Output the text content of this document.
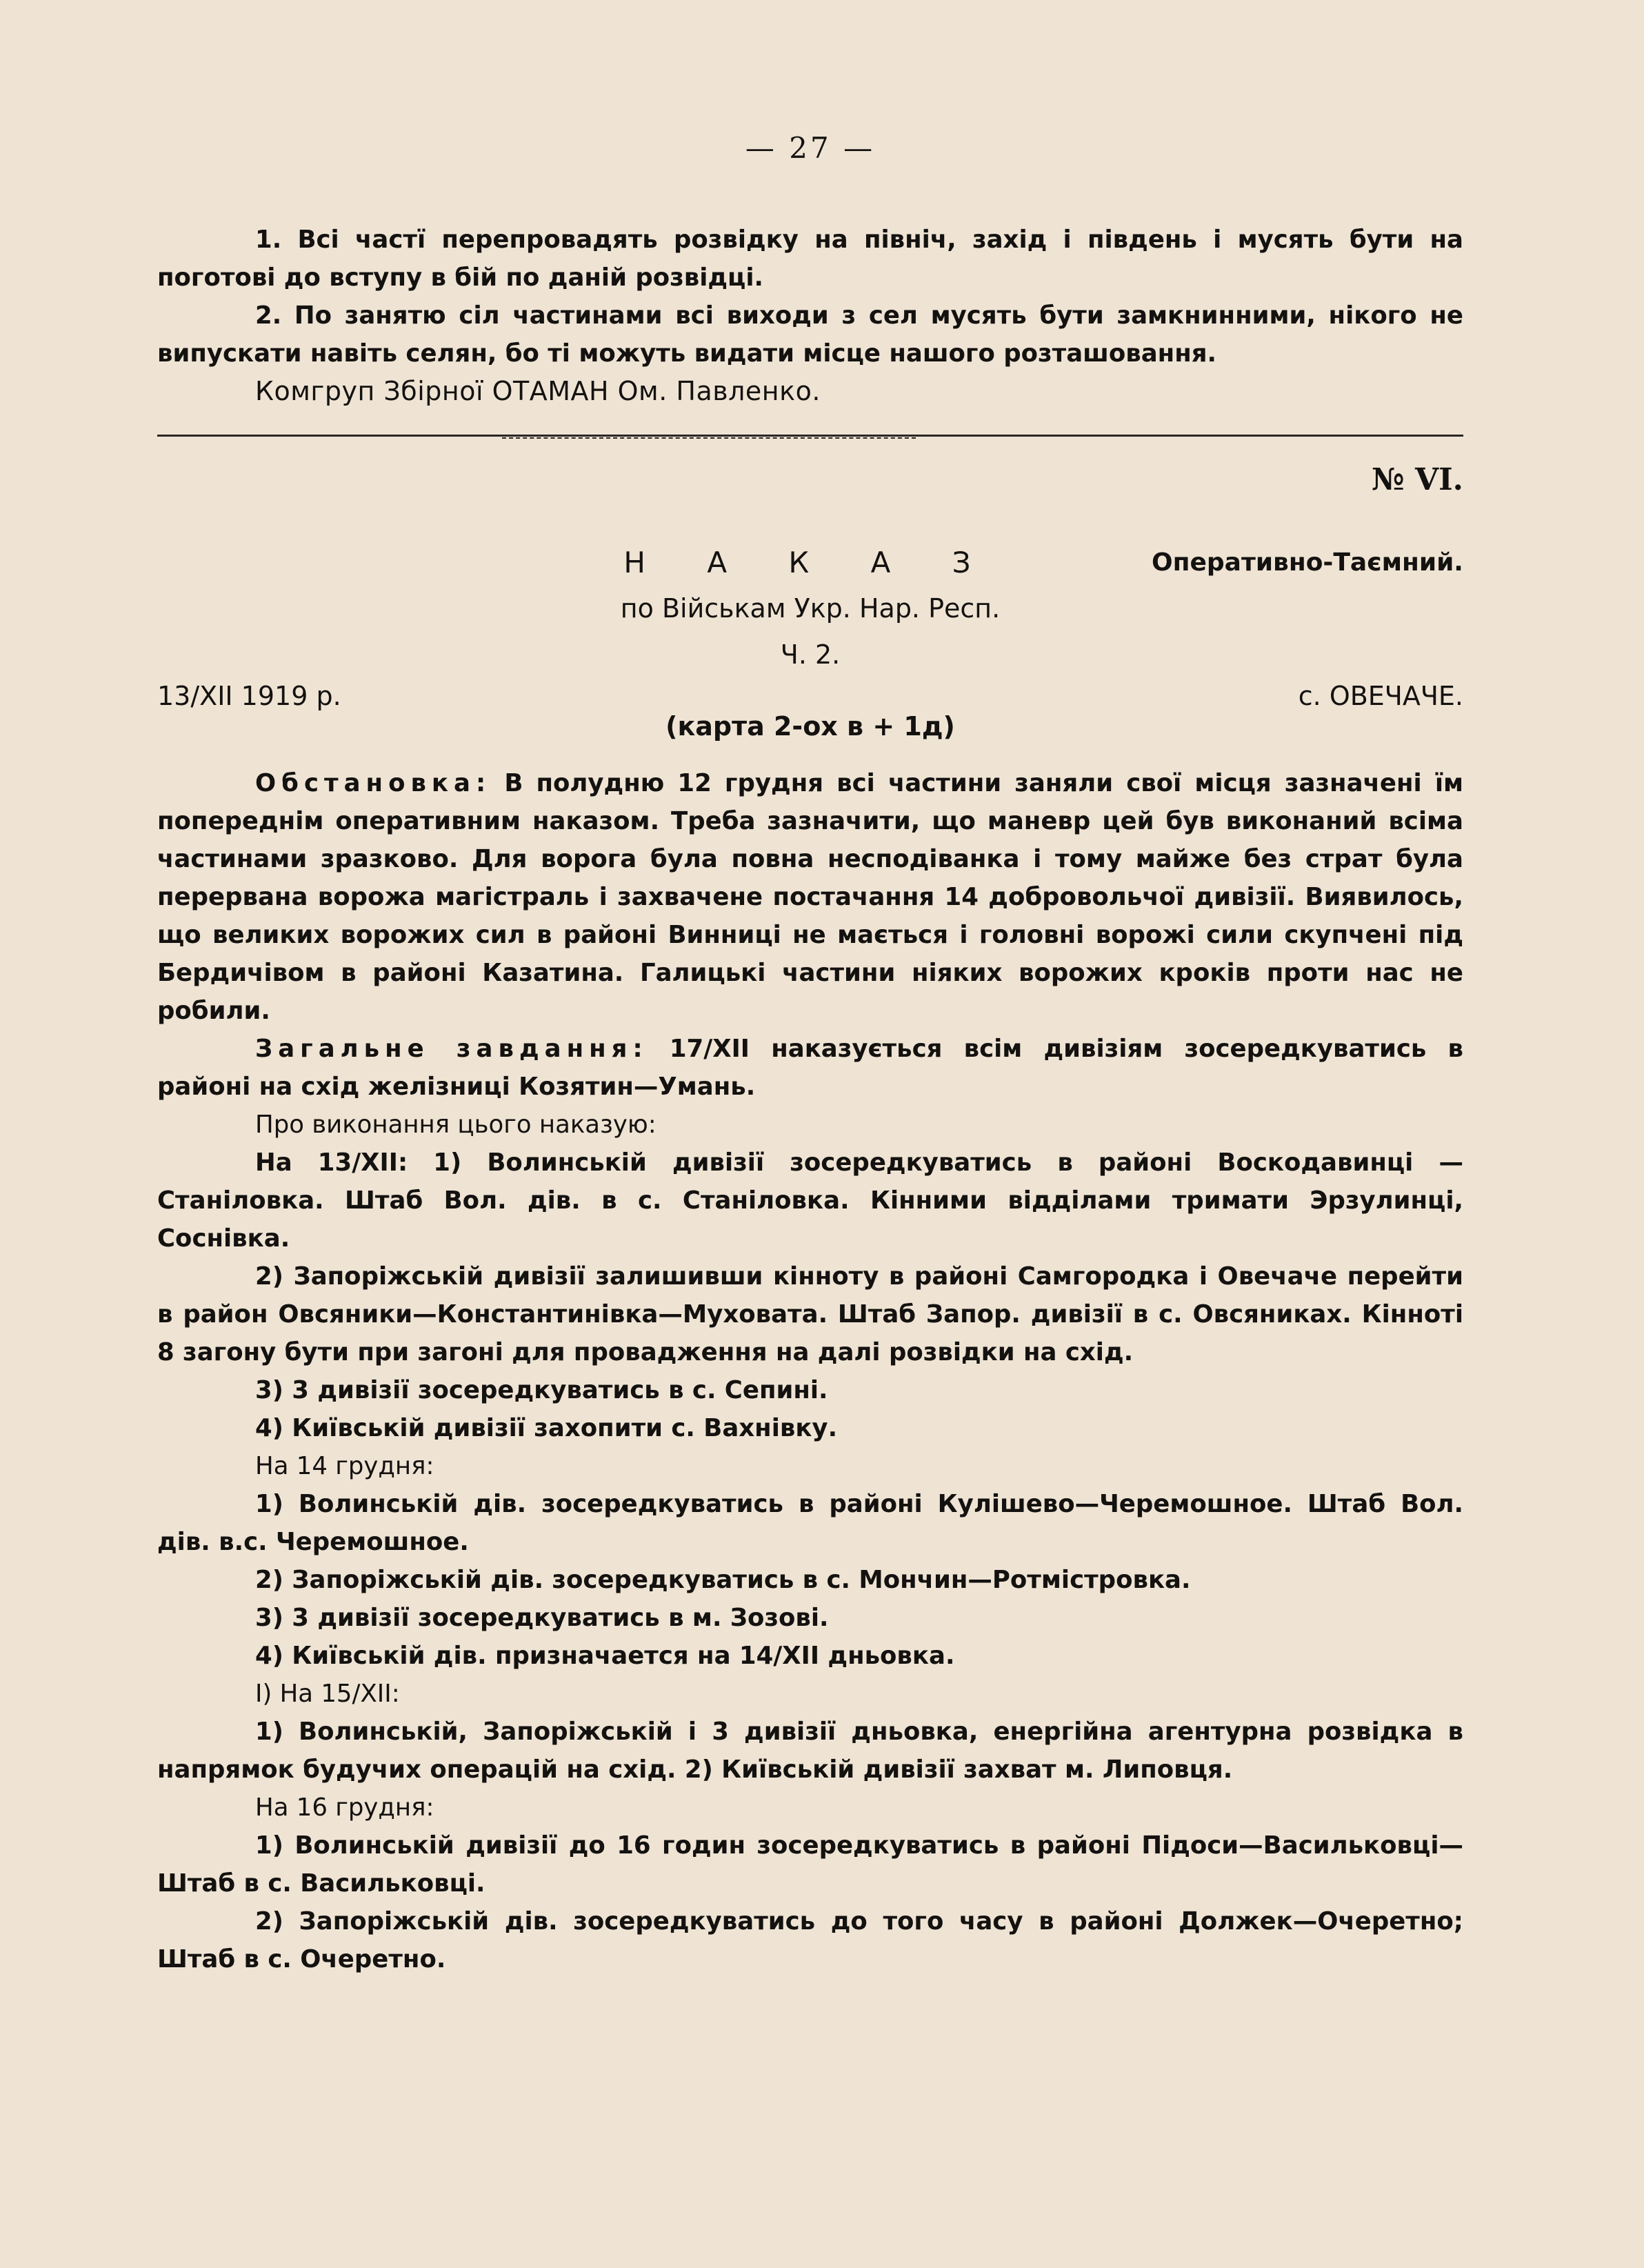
— 27 —

1. Всі частї перепровадять розвідку на північ, захід і південь і мусять бути на поготові до вступу в бій по даній розвідці.

2. По занятю сіл частинами всі виходи з сел мусять бути замкнинними, нікого не випускати навіть селян, бо ті можуть видати місце нашого розташовання.

Комгруп Збірної ОТАМАН Ом. Павленко.

№ VI.
Н А К А З	Оперативно-Таємний.
по Військам Укр. Нар. Респ.
Ч. 2.
13/XII 1919 р.	с. ОВЕЧАЧЕ.
(карта 2-ох в + 1д)

Обстановка: В полудню 12 грудня всі частини заняли свої місця зазначені їм попереднім оперативним наказом. Треба зазначити, що маневр цей був виконаний всіма частинами зразково. Для ворога була повна несподіванка і тому майже без страт була перервана ворожа магістраль і захвачене постачання 14 добровольчої дивізії. Виявилось, що великих ворожих сил в районі Винниці не мається і головні ворожі сили скупчені під Бердичівом в районі Казатина. Галицькі частини ніяких ворожих кроків проти нас не робили.

Загальне завдання: 17/XII наказується всім дивізіям зосередкуватись в районі на схід желізниці Козятин—Умань.

Про виконання цього наказую:

На 13/XII: 1) Волинській дивізії зосередкуватись в районі Воскодавинці — Станіловка. Штаб Вол. дів. в с. Станіловка. Кінними відділами тримати Эрзулинці, Соснівка.

2) Запоріжській дивізії залишивши кінноту в районі Самгородка і Овечаче перейти в район Овсяники—Константинівка—Муховата. Штаб Запор. дивізії в с. Овсяниках. Кінноті 8 загону бути при загоні для провадження на далі розвідки на схід.

3) 3 дивізії зосередкуватись в с. Сепині.

4) Київській дивізії захопити с. Вахнівку.

На 14 грудня:

1) Волинській дів. зосередкуватись в районі Кулішево—Черемошное. Штаб Вол. дів. в.с. Черемошное.

2) Запоріжській дів. зосередкуватись в с. Мончин—Ротмістровка.

3) 3 дивізії зосередкуватись в м. Зозові.

4) Київській дів. призначается на 14/XII дньовка.

I) На 15/XII:

1) Волинській, Запоріжській і 3 дивізії дньовка, енергійна агентурна розвідка в напрямок будучих операцій на схід. 2) Київській дивізії захват м. Липовця.

На 16 грудня:

1) Волинській дивізії до 16 годин зосередкуватись в районі Підоси—Васильковці—Штаб в с. Васильковці.

2) Запоріжській дів. зосередкуватись до того часу в районі Должек—Очеретно; Штаб в с. Очеретно.
